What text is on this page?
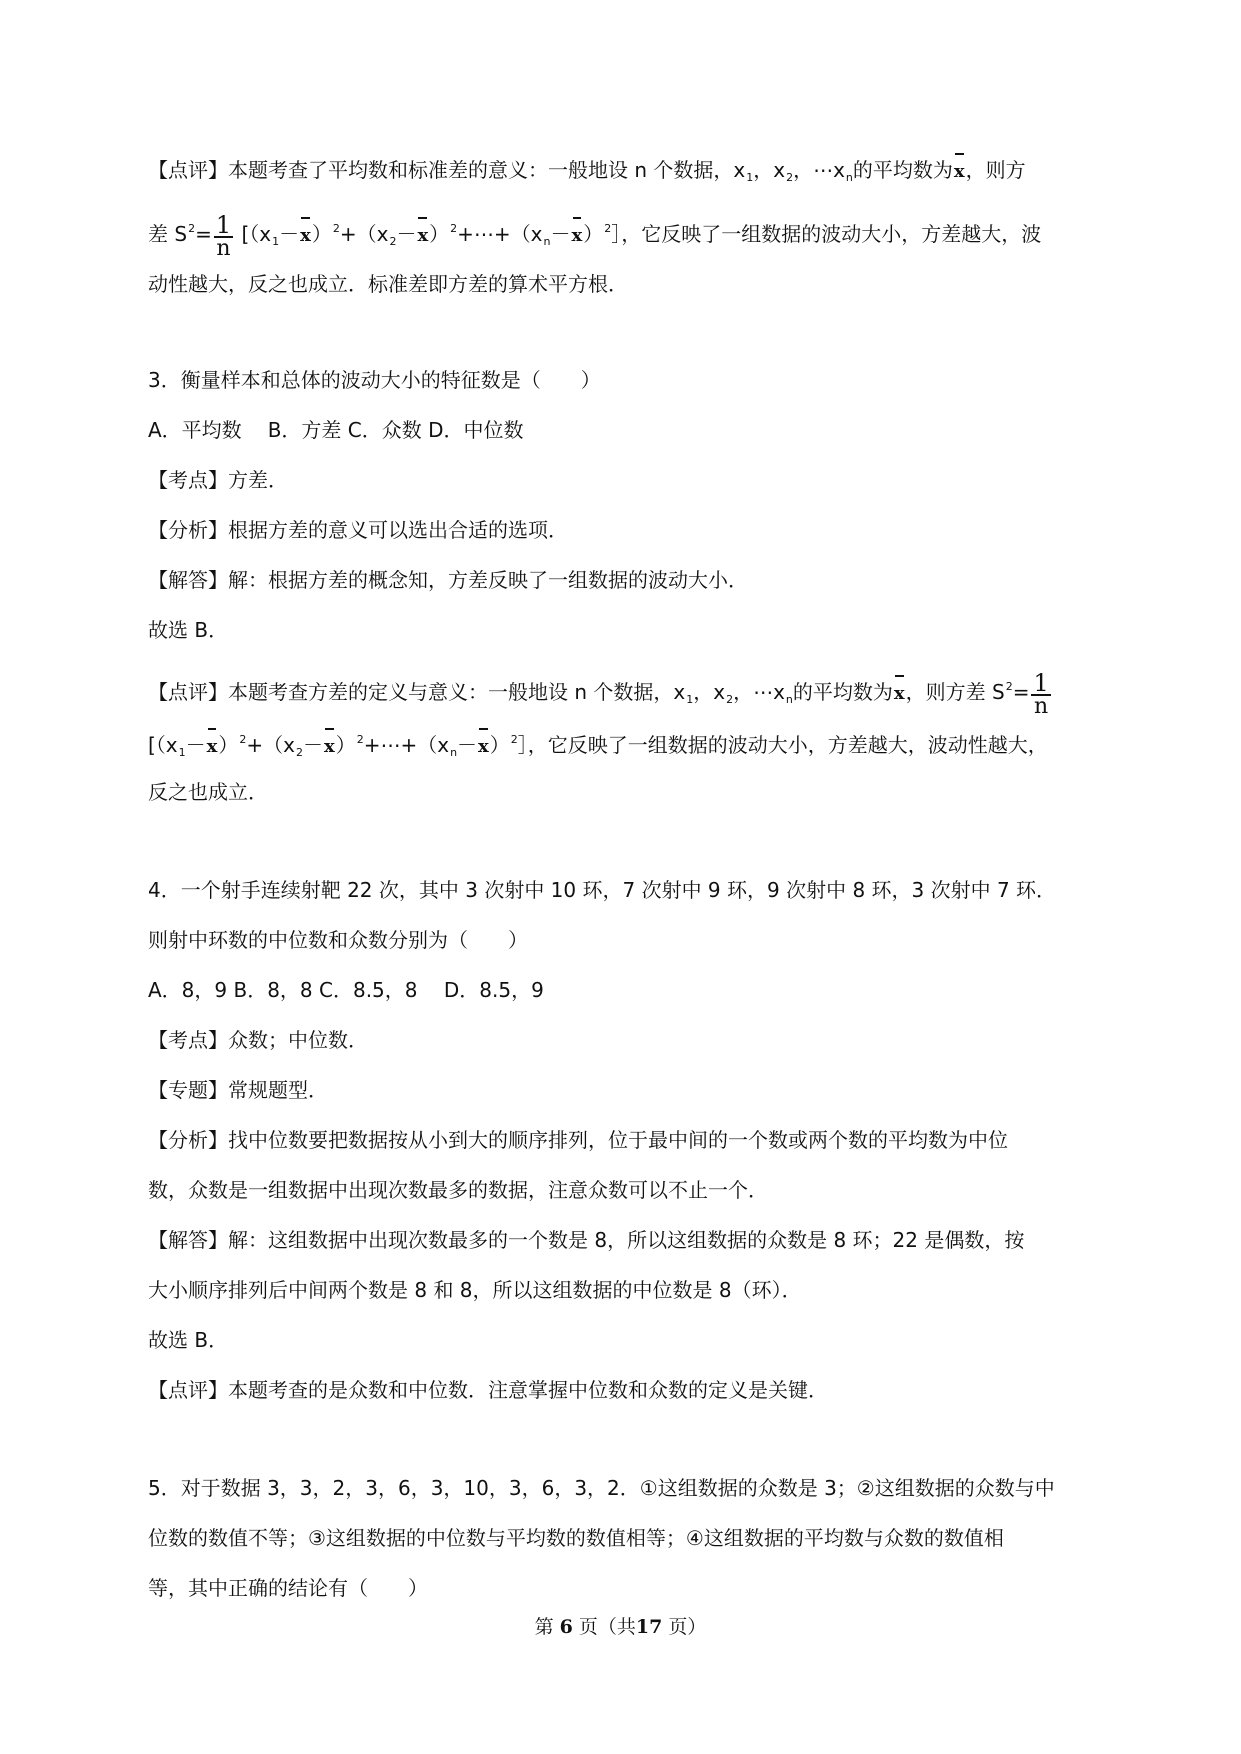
【点评】本题考查了平均数和标准差的意义：一般地设 n 个数据，$x_1$，$x_2$，$\cdots x_n$的平均数为x，则方
差 $S^2= \frac{1}{n}$ [$(x_1-x)^2+(x_2-x)^2+\cdots+(x_n-x)^2]$，它反映了一组数据的波动大小，方差越大，波
动性越大，反之也成立．标准差即方差的算术平方根．
3．衡量样本和总体的波动大小的特征数是（　　）
A．平均数 B．方差 C．众数 D．中位数
【考点】方差．
【分析】根据方差的意义可以选出合适的选项．
【解答】解：根据方差的概念知，方差反映了一组数据的波动大小．
故选 B．
【点评】本题考查方差的定义与意义：一般地设 n 个数据，$x_1$，$x_2$，$\cdots x_n$的平均数为x，则方差 $S^2= \frac{1}{n}$
[$(x_1-x)^2+(x_2-x)^2+\cdots+(x_n-x)^2]$，它反映了一组数据的波动大小，方差越大，波动性越大，
反之也成立．
4．一个射手连续射靶 22 次，其中 3 次射中 10 环，7 次射中 9 环，9 次射中 8 环，3 次射中 7 环．
则射中环数的中位数和众数分别为（　　）
A．8，9 B．8，8 C．8.5，8　 D．8.5，9
【考点】众数；中位数．
【专题】常规题型．
【分析】找中位数要把数据按从小到大的顺序排列，位于最中间的一个数或两个数的平均数为中位
数，众数是一组数据中出现次数最多的数据，注意众数可以不止一个．
【解答】解：这组数据中出现次数最多的一个数是 8，所以这组数据的众数是 8 环；22 是偶数，按
大小顺序排列后中间两个数是 8 和 8，所以这组数据的中位数是 8（环）．
故选 B．
【点评】本题考查的是众数和中位数．注意掌握中位数和众数的定义是关键．
5．对于数据 3，3，2，3，6，3，10，3，6，3，2．①这组数据的众数是 3；②这组数据的众数与中
位数的数值不等；③这组数据的中位数与平均数的数值相等；④这组数据的平均数与众数的数值相
等，其中正确的结论有（　　）
第 6 页（共17 页）
